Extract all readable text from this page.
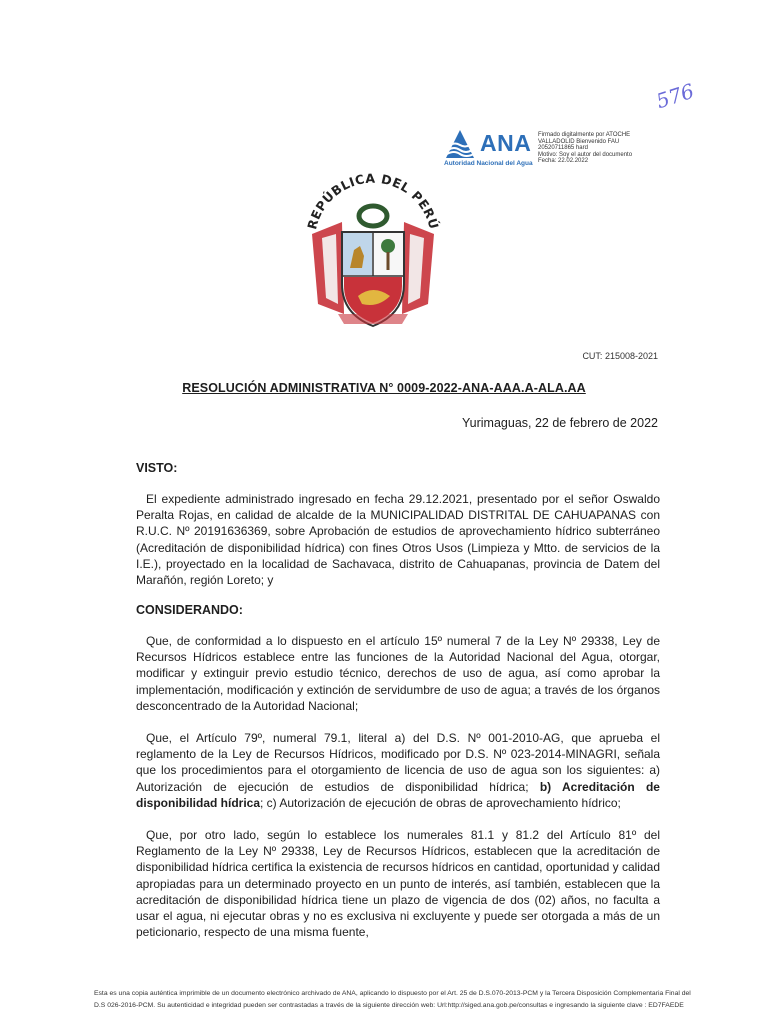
576
ANA
Autoridad Nacional del Agua
Firmado digitalmente por ATOCHE
VALLADOLID Bienvenido FAU
20520711865 hard
Motivo: Soy el autor del documento
Fecha: 22.02.2022
REPÚBLICA DEL PERÚ
CUT: 215008-2021
RESOLUCIÓN ADMINISTRATIVA N° 0009-2022-ANA-AAA.A-ALA.AA
Yurimaguas, 22 de febrero de 2022
VISTO:
El expediente administrado ingresado en fecha 29.12.2021, presentado por el señor Oswaldo Peralta Rojas, en calidad de alcalde de la MUNICIPALIDAD DISTRITAL DE CAHUAPANAS con R.U.C. Nº 20191636369, sobre Aprobación de estudios de aprovechamiento hídrico subterráneo (Acreditación de disponibilidad hídrica) con fines Otros Usos (Limpieza y Mtto. de servicios de la I.E.), proyectado en la localidad de Sachavaca, distrito de Cahuapanas, provincia de Datem del Marañón, región Loreto; y
CONSIDERANDO:
Que, de conformidad a lo dispuesto en el artículo 15º numeral 7 de la Ley Nº 29338, Ley de Recursos Hídricos establece entre las funciones de la Autoridad Nacional del Agua, otorgar, modificar y extinguir previo estudio técnico, derechos de uso de agua, así como aprobar la implementación, modificación y extinción de servidumbre de uso de agua; a través de los órganos desconcentrado de la Autoridad Nacional;
Que, el Artículo 79º, numeral 79.1, literal a) del D.S. Nº 001-2010-AG, que aprueba el reglamento de la Ley de Recursos Hídricos, modificado por D.S. Nº 023-2014-MINAGRI, señala que los procedimientos para el otorgamiento de licencia de uso de agua son los siguientes: a) Autorización de ejecución de estudios de disponibilidad hídrica; b) Acreditación de disponibilidad hídrica; c) Autorización de ejecución de obras de aprovechamiento hídrico;
Que, por otro lado, según lo establece los numerales 81.1 y 81.2 del Artículo 81º del Reglamento de la Ley Nº 29338, Ley de Recursos Hídricos, establecen que la acreditación de disponibilidad hídrica certifica la existencia de recursos hídricos en cantidad, oportunidad y calidad apropiadas para un determinado proyecto en un punto de interés, así también, establecen que la acreditación de disponibilidad hídrica tiene un plazo de vigencia de dos (02) años, no faculta a usar el agua, ni ejecutar obras y no es exclusiva ni excluyente y puede ser otorgada a más de un peticionario, respecto de una misma fuente,
Esta es una copia auténtica imprimible de un documento electrónico archivado de ANA, aplicando lo dispuesto por el Art. 25 de D.S.070-2013-PCM y la Tercera Disposición Complementaria Final del D.S 026-2016-PCM. Su autenticidad e integridad pueden ser contrastadas a través de la siguiente dirección web: Url:http://siged.ana.gob.pe/consultas e ingresando la siguiente clave : ED7FAEDE
